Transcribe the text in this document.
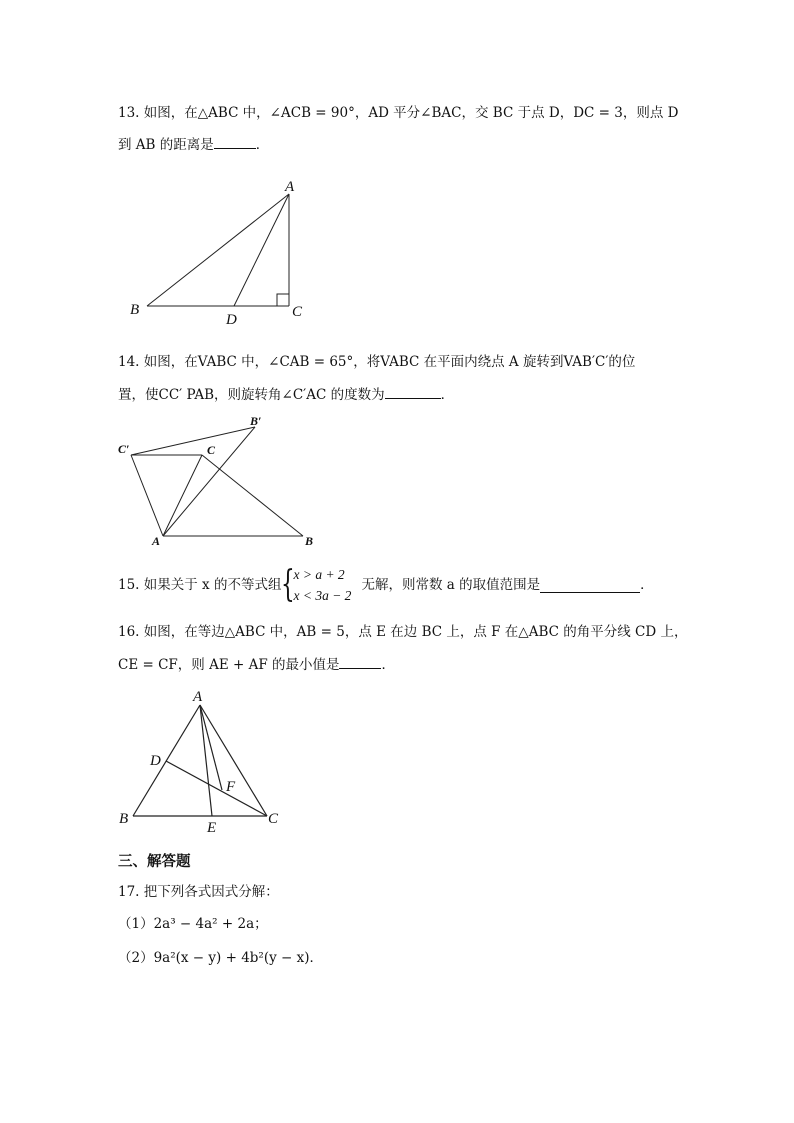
13. 如图，在△ABC 中，∠ACB = 90°，AD 平分∠BAC，交 BC 于点 D，DC = 3，则点 D
到 AB 的距离是	．
A
B	C
D
14. 如图，在VABC 中，∠CAB = 65°，将VABC 在平面内绕点 A 旋转到VAB′C′的位
置，使CC′ PAB，则旋转角∠C′AC 的度数为	．
C′	C
B′
A	B
15. 如果关于 x 的不等式组 {
x > a + 2
x < 3a − 2
无解，则常数 a 的取值范围是	．
16. 如图，在等边△ABC 中，AB = 5，点 E 在边 BC 上，点 F 在△ABC 的角平分线 CD 上，
CE = CF，则 AE + AF 的最小值是	．
A
B	C
D
E
F
三、解答题
17. 把下列各式因式分解：
（1）2a³ − 4a² + 2a；
（2）9a²(x − y) + 4b²(y − x)．
